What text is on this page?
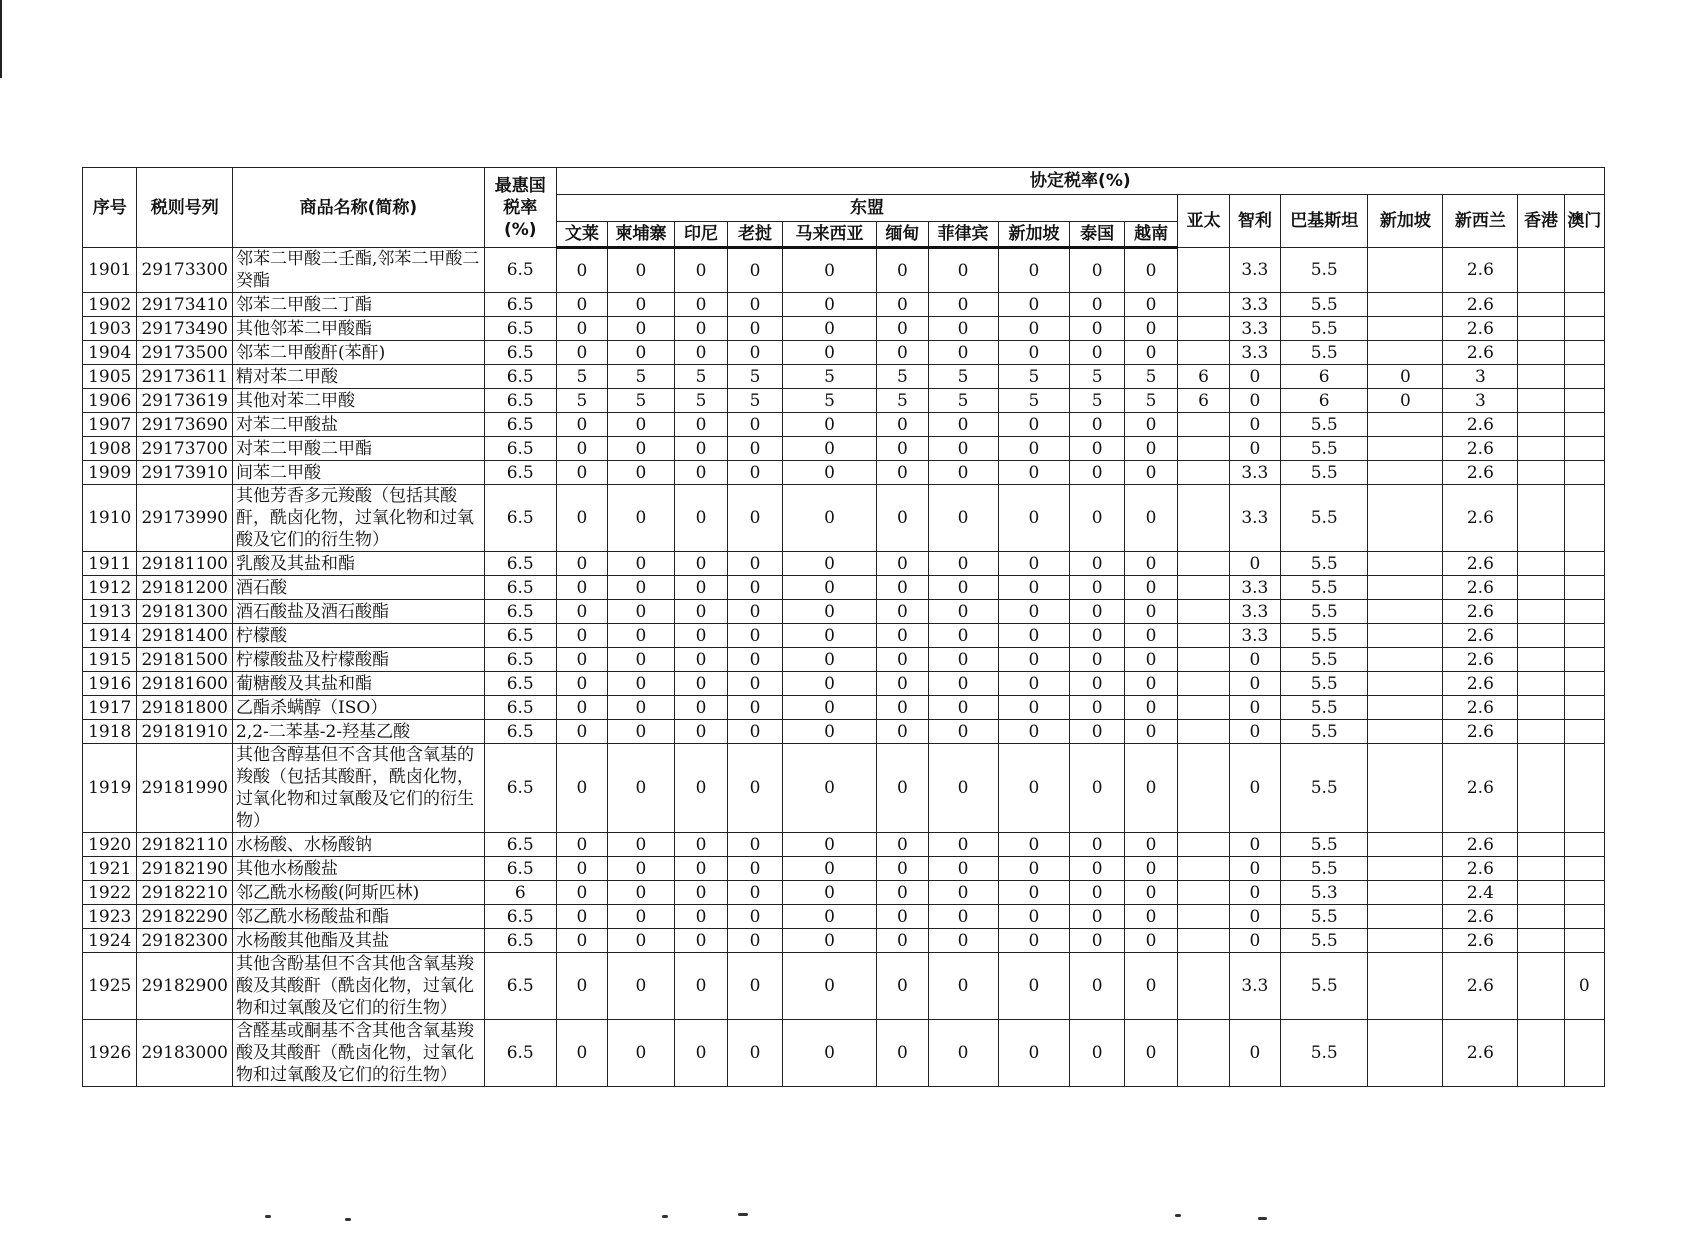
序号	税则号列	商品名称(简称)	最惠国
税率
(%)	协定税率(%)																
				东盟										亚太	智利	巴基斯坦	新加坡	新西兰	香港	澳门
				文莱	柬埔寨	印尼	老挝	马来西亚	缅甸	菲律宾	新加坡	泰国	越南							
1901	29173300	邻苯二甲酸二壬酯,邻苯二甲酸二癸酯	6.5	0	0	0	0	0	0	0	0	0	0		3.3	5.5		2.6		
1902	29173410	邻苯二甲酸二丁酯	6.5	0	0	0	0	0	0	0	0	0	0		3.3	5.5		2.6		
1903	29173490	其他邻苯二甲酸酯	6.5	0	0	0	0	0	0	0	0	0	0		3.3	5.5		2.6		
1904	29173500	邻苯二甲酸酐(苯酐)	6.5	0	0	0	0	0	0	0	0	0	0		3.3	5.5		2.6		
1905	29173611	精对苯二甲酸	6.5	5	5	5	5	5	5	5	5	5	5	6	0	6	0	3		
1906	29173619	其他对苯二甲酸	6.5	5	5	5	5	5	5	5	5	5	5	6	0	6	0	3		
1907	29173690	对苯二甲酸盐	6.5	0	0	0	0	0	0	0	0	0	0		0	5.5		2.6		
1908	29173700	对苯二甲酸二甲酯	6.5	0	0	0	0	0	0	0	0	0	0		0	5.5		2.6		
1909	29173910	间苯二甲酸	6.5	0	0	0	0	0	0	0	0	0	0		3.3	5.5		2.6		
1910	29173990	其他芳香多元羧酸（包括其酸酐，酰卤化物，过氧化物和过氧酸及它们的衍生物）	6.5	0	0	0	0	0	0	0	0	0	0		3.3	5.5		2.6		
1911	29181100	乳酸及其盐和酯	6.5	0	0	0	0	0	0	0	0	0	0		0	5.5		2.6		
1912	29181200	酒石酸	6.5	0	0	0	0	0	0	0	0	0	0		3.3	5.5		2.6		
1913	29181300	酒石酸盐及酒石酸酯	6.5	0	0	0	0	0	0	0	0	0	0		3.3	5.5		2.6		
1914	29181400	柠檬酸	6.5	0	0	0	0	0	0	0	0	0	0		3.3	5.5		2.6		
1915	29181500	柠檬酸盐及柠檬酸酯	6.5	0	0	0	0	0	0	0	0	0	0		0	5.5		2.6		
1916	29181600	葡糖酸及其盐和酯	6.5	0	0	0	0	0	0	0	0	0	0		0	5.5		2.6		
1917	29181800	乙酯杀螨醇（ISO）	6.5	0	0	0	0	0	0	0	0	0	0		0	5.5		2.6		
1918	29181910	2,2-二苯基-2-羟基乙酸	6.5	0	0	0	0	0	0	0	0	0	0		0	5.5		2.6		
1919	29181990	其他含醇基但不含其他含氧基的羧酸（包括其酸酐，酰卤化物，过氧化物和过氧酸及它们的衍生物）	6.5	0	0	0	0	0	0	0	0	0	0		0	5.5		2.6		
1920	29182110	水杨酸、水杨酸钠	6.5	0	0	0	0	0	0	0	0	0	0		0	5.5		2.6		
1921	29182190	其他水杨酸盐	6.5	0	0	0	0	0	0	0	0	0	0		0	5.5		2.6		
1922	29182210	邻乙酰水杨酸(阿斯匹林)	6	0	0	0	0	0	0	0	0	0	0		0	5.3		2.4		
1923	29182290	邻乙酰水杨酸盐和酯	6.5	0	0	0	0	0	0	0	0	0	0		0	5.5		2.6		
1924	29182300	水杨酸其他酯及其盐	6.5	0	0	0	0	0	0	0	0	0	0		0	5.5		2.6		
1925	29182900	其他含酚基但不含其他含氧基羧酸及其酸酐（酰卤化物，过氧化物和过氧酸及它们的衍生物）	6.5	0	0	0	0	0	0	0	0	0	0		3.3	5.5		2.6		0
1926	29183000	含醛基或酮基不含其他含氧基羧酸及其酸酐（酰卤化物，过氧化物和过氧酸及它们的衍生物）	6.5	0	0	0	0	0	0	0	0	0	0		0	5.5		2.6		
